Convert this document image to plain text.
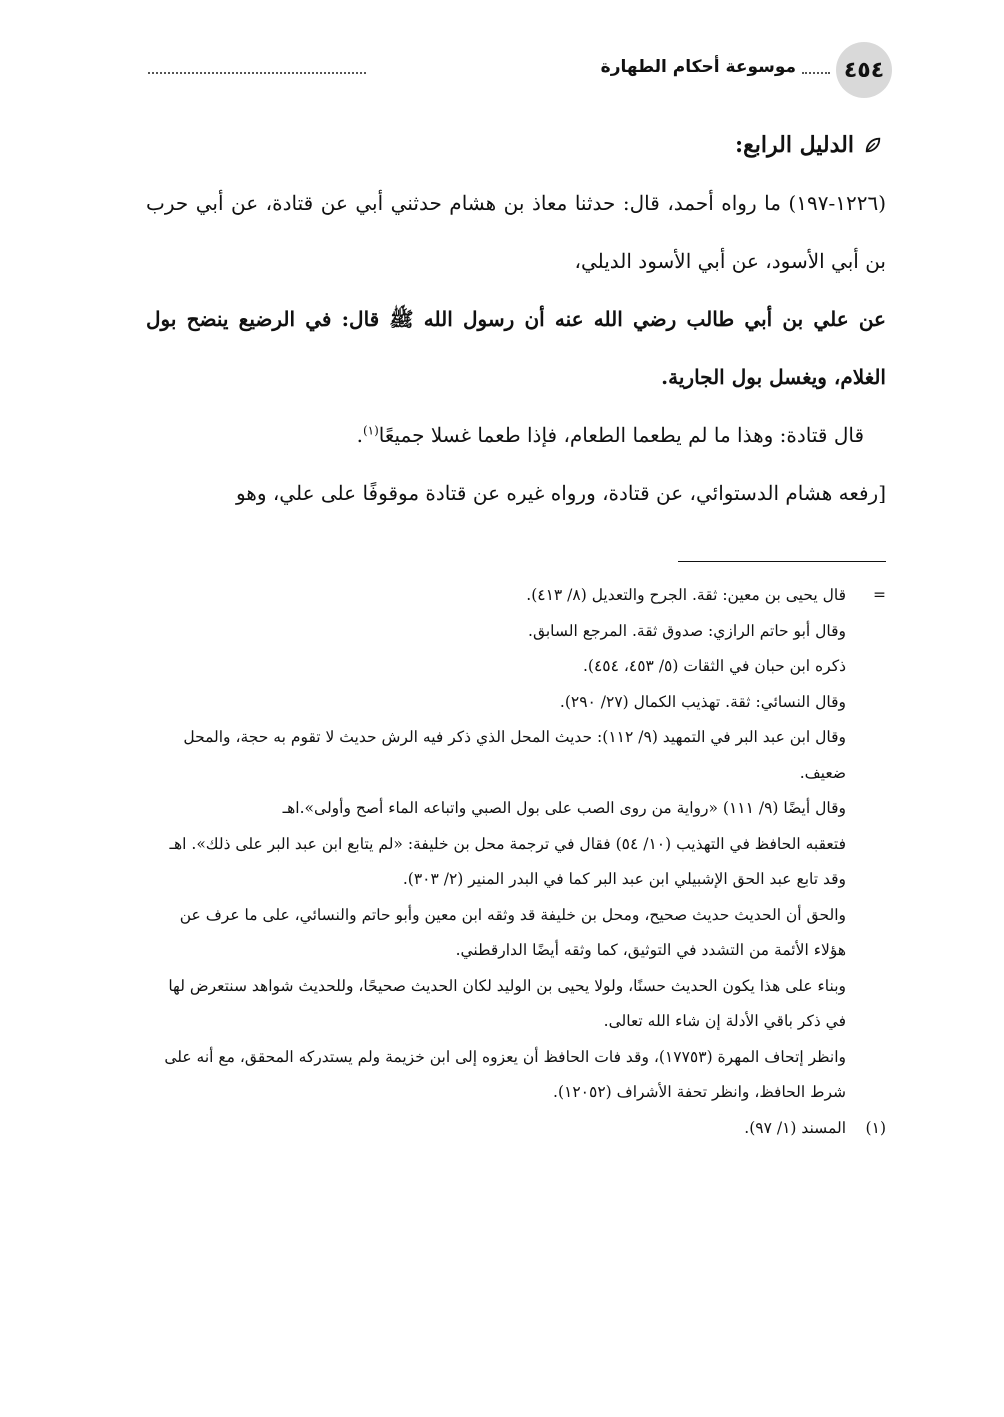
٤٥٤
موسوعة أحكام الطهارة
الدليل الرابع:

(١٢٢٦-١٩٧) ما رواه أحمد، قال: حدثنا معاذ بن هشام حدثني أبي عن قتادة، عن أبي حرب بن أبي الأسود، عن أبي الأسود الديلي،

عن علي بن أبي طالب رضي الله عنه أن رسول الله ﷺ قال: في الرضيع ينضح بول الغلام، ويغسل بول الجارية.

قال قتادة: وهذا ما لم يطعما الطعام، فإذا طعما غسلا جميعًا$^{(١)}$.

[رفعه هشام الدستوائي، عن قتادة، ورواه غيره عن قتادة موقوفًا على علي، وهو

=
قال يحيى بن معين: ثقة. الجرح والتعديل (٨/ ٤١٣).

وقال أبو حاتم الرازي: صدوق ثقة. المرجع السابق.

ذكره ابن حبان في الثقات (٥/ ٤٥٣، ٤٥٤).

وقال النسائي: ثقة. تهذيب الكمال (٢٧/ ٢٩٠).

وقال ابن عبد البر في التمهيد (٩/ ١١٢): حديث المحل الذي ذكر فيه الرش حديث لا تقوم به حجة، والمحل ضعيف.

وقال أيضًا (٩/ ١١١) «رواية من روى الصب على بول الصبي واتباعه الماء أصح وأولى».اهـ

فتعقبه الحافظ في التهذيب (١٠/ ٥٤) فقال في ترجمة محل بن خليفة: «لم يتابع ابن عبد البر على ذلك». اهـ

وقد تابع عبد الحق الإشبيلي ابن عبد البر كما في البدر المنير (٢/ ٣٠٣).

والحق أن الحديث حديث صحيح، ومحل بن خليفة قد وثقه ابن معين وأبو حاتم والنسائي، على ما عرف عن هؤلاء الأئمة من التشدد في التوثيق، كما وثقه أيضًا الدارقطني.

وبناء على هذا يكون الحديث حسنًا، ولولا يحيى بن الوليد لكان الحديث صحيحًا، وللحديث شواهد سنتعرض لها في ذكر باقي الأدلة إن شاء الله تعالى.

وانظر إتحاف المهرة (١٧٧٥٣)، وقد فات الحافظ أن يعزوه إلى ابن خزيمة ولم يستدركه المحقق، مع أنه على شرط الحافظ، وانظر تحفة الأشراف (١٢٠٥٢).

(١)
المسند (١/ ٩٧).
